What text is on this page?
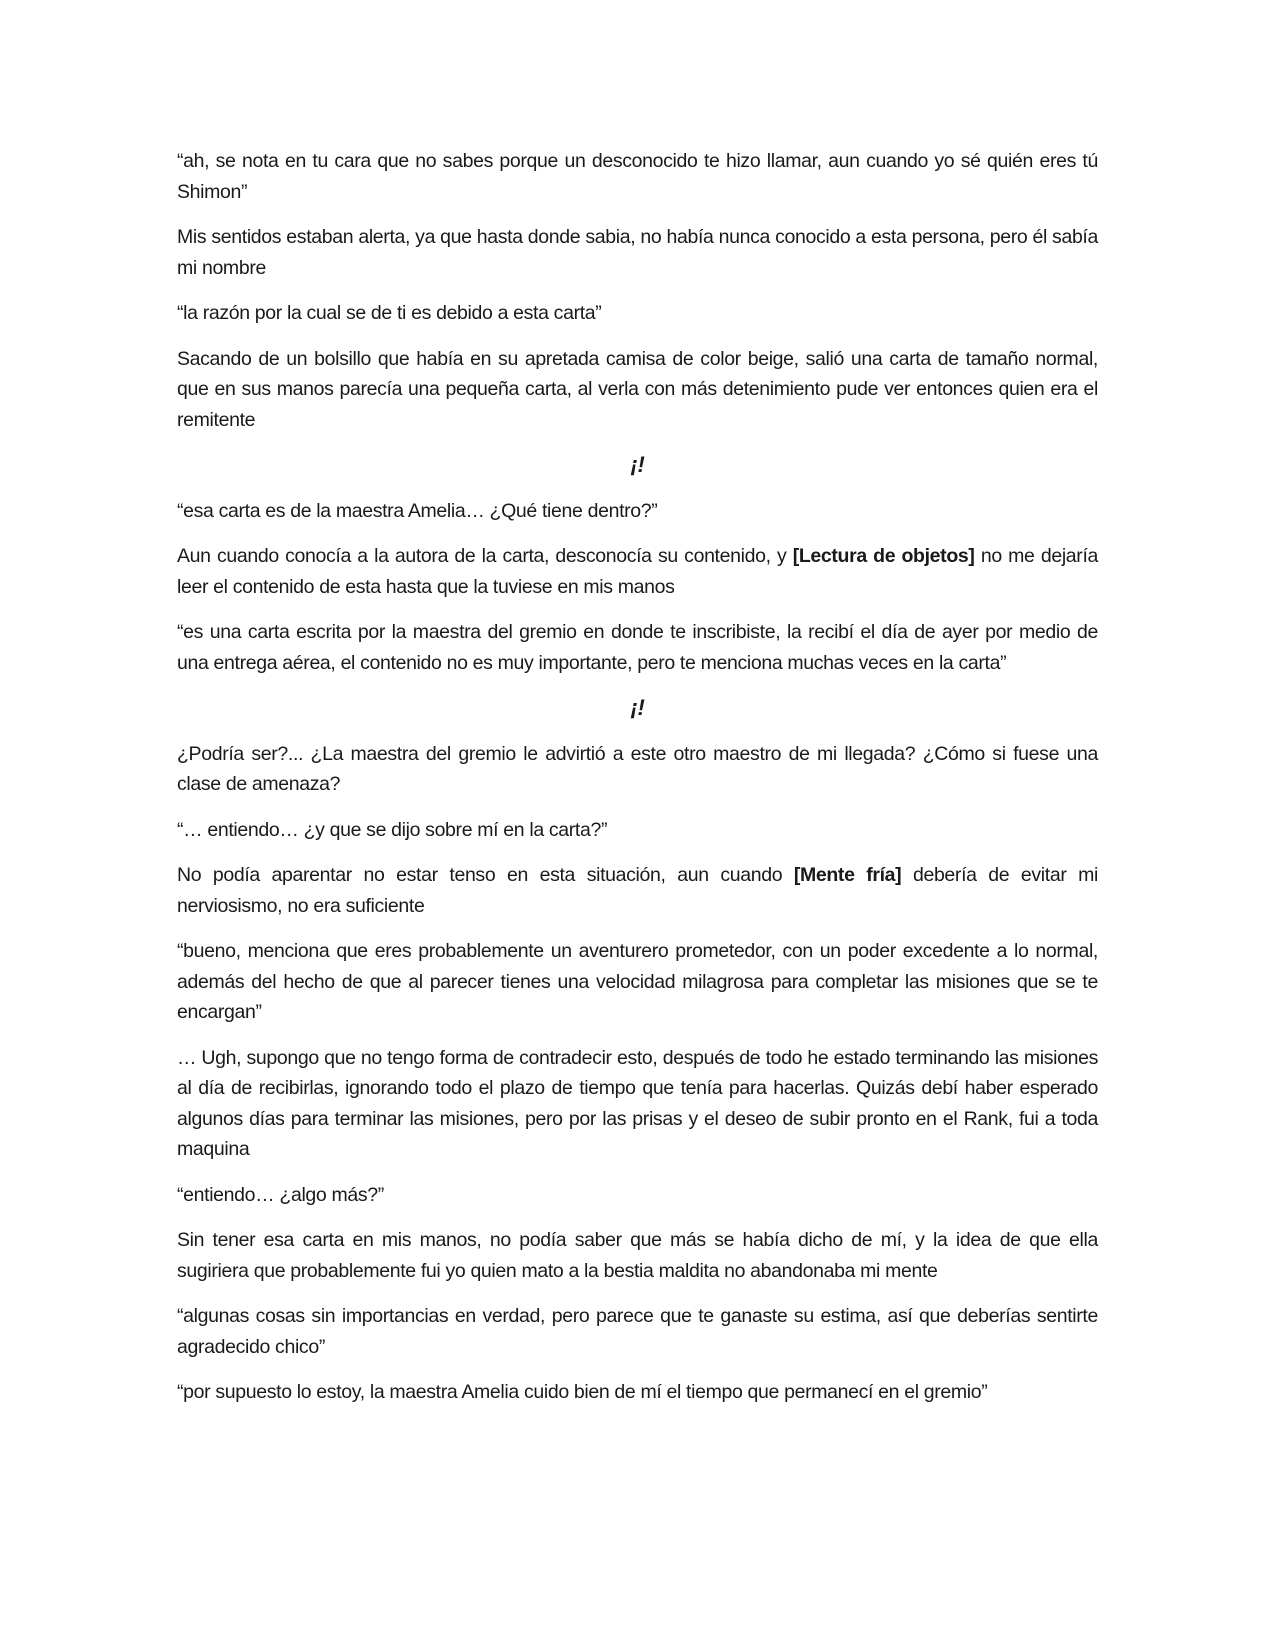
“ah, se nota en tu cara que no sabes porque un desconocido te hizo llamar, aun cuando yo sé quién eres tú Shimon”

Mis sentidos estaban alerta, ya que hasta donde sabia, no había nunca conocido a esta persona, pero él sabía mi nombre

“la razón por la cual se de ti es debido a esta carta”

Sacando de un bolsillo que había en su apretada camisa de color beige, salió una carta de tamaño normal, que en sus manos parecía una pequeña carta, al verla con más detenimiento pude ver entonces quien era el remitente

¡!

“esa carta es de la maestra Amelia… ¿Qué tiene dentro?”

Aun cuando conocía a la autora de la carta, desconocía su contenido, y [Lectura de objetos] no me dejaría leer el contenido de esta hasta que la tuviese en mis manos

“es una carta escrita por la maestra del gremio en donde te inscribiste, la recibí el día de ayer por medio de una entrega aérea, el contenido no es muy importante, pero te menciona muchas veces en la carta”

¡!

¿Podría ser?... ¿La maestra del gremio le advirtió a este otro maestro de mi llegada? ¿Cómo si fuese una clase de amenaza?

“… entiendo… ¿y que se dijo sobre mí en la carta?”

No podía aparentar no estar tenso en esta situación, aun cuando [Mente fría] debería de evitar mi nerviosismo, no era suficiente

“bueno, menciona que eres probablemente un aventurero prometedor, con un poder excedente a lo normal, además del hecho de que al parecer tienes una velocidad milagrosa para completar las misiones que se te encargan”

… Ugh, supongo que no tengo forma de contradecir esto, después de todo he estado terminando las misiones al día de recibirlas, ignorando todo el plazo de tiempo que tenía para hacerlas. Quizás debí haber esperado algunos días para terminar las misiones, pero por las prisas y el deseo de subir pronto en el Rank, fui a toda maquina

“entiendo… ¿algo más?”

Sin tener esa carta en mis manos, no podía saber que más se había dicho de mí, y la idea de que ella sugiriera que probablemente fui yo quien mato a la bestia maldita no abandonaba mi mente

“algunas cosas sin importancias en verdad, pero parece que te ganaste su estima, así que deberías sentirte agradecido chico”

“por supuesto lo estoy, la maestra Amelia cuido bien de mí el tiempo que permanecí en el gremio”
